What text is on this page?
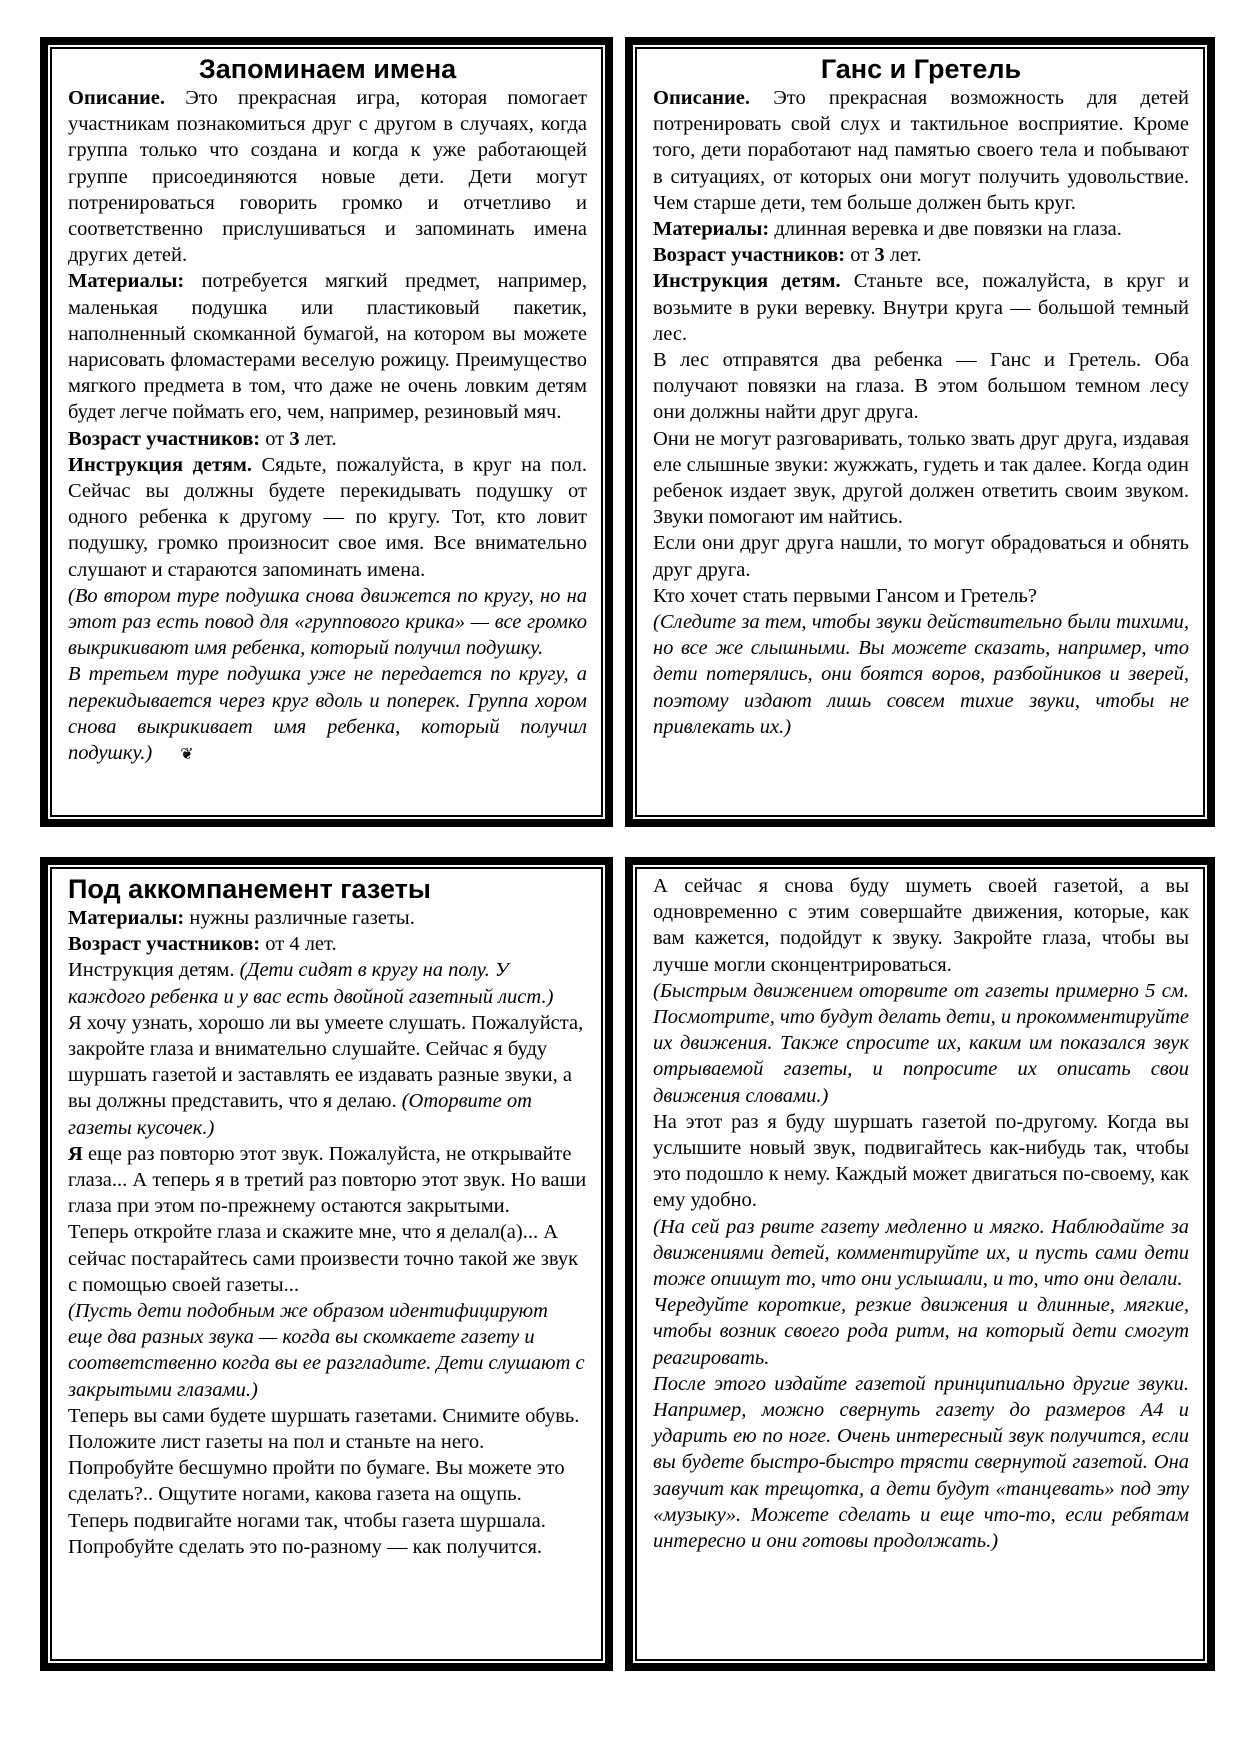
Запоминаем имена

Описание. Это прекрасная игра, которая помогает участникам познакомиться друг с другом в случаях, когда группа только что создана и когда к уже работающей группе присоединяются новые дети. Дети могут потренироваться говорить громко и отчетливо и соответственно прислушиваться и запоминать имена других детей.

Материалы: потребуется мягкий предмет, например, маленькая подушка или пластиковый пакетик, наполненный скомканной бумагой, на котором вы можете нарисовать фломастерами веселую рожицу. Преимущество мягкого предмета в том, что даже не очень ловким детям будет легче поймать его, чем, например, резиновый мяч.

Возраст участников: от 3 лет.

Инструкция детям. Сядьте, пожалуйста, в круг на пол. Сейчас вы должны будете перекидывать подушку от одного ребенка к другому — по кругу. Тот, кто ловит подушку, громко произносит свое имя. Все внимательно слушают и стараются запоминать имена.

(Во втором туре подушка снова движется по кругу, но на этот раз есть повод для «группового крика» — все громко выкрикивают имя ребенка, который получил подушку.

В третьем туре подушка уже не передается по кругу, а перекидывается через круг вдоль и поперек. Группа хором снова выкрикивает имя ребенка, который получил подушку.) ❦

Ганс и Гретель

Описание. Это прекрасная возможность для детей потренировать свой слух и тактильное восприятие. Кроме того, дети поработают над памятью своего тела и побывают в ситуациях, от которых они могут получить удовольствие. Чем старше дети, тем больше должен быть круг.

Материалы: длинная веревка и две повязки на глаза.

Возраст участников: от 3 лет.

Инструкция детям. Станьте все, пожалуйста, в круг и возьмите в руки веревку. Внутри круга — большой темный лес.

В лес отправятся два ребенка — Ганс и Гретель. Оба получают повязки на глаза. В этом большом темном лесу они должны найти друг друга.

Они не могут разговаривать, только звать друг друга, издавая еле слышные звуки: жужжать, гудеть и так далее. Когда один ребенок издает звук, другой должен ответить своим звуком. Звуки помогают им найтись.

Если они друг друга нашли, то могут обрадоваться и обнять друг друга.

Кто хочет стать первыми Гансом и Гретель?

(Следите за тем, чтобы звуки действительно были тихими, но все же слышными. Вы можете сказать, например, что дети потерялись, они боятся воров, разбойников и зверей, поэтому издают лишь совсем тихие звуки, чтобы не привлекать их.)

Под аккомпанемент газеты

Материалы: нужны различные газеты.

Возраст участников: от 4 лет.

Инструкция детям. (Дети сидят в кругу на полу. У каждого ребенка и у вас есть двойной газетный лист.)

Я хочу узнать, хорошо ли вы умеете слушать. Пожалуйста, закройте глаза и внимательно слушайте. Сейчас я буду шуршать газетой и заставлять ее издавать разные звуки, а вы должны представить, что я делаю. (Оторвите от газеты кусочек.)

Я еще раз повторю этот звук. Пожалуйста, не открывайте глаза... А теперь я в третий раз повторю этот звук. Но ваши глаза при этом по-прежнему остаются закрытыми.

Теперь откройте глаза и скажите мне, что я делал(а)... А сейчас постарайтесь сами произвести точно такой же звук с помощью своей газеты...

(Пусть дети подобным же образом идентифицируют еще два разных звука — когда вы скомкаете газету и соответственно когда вы ее разгладите. Дети слушают с закрытыми глазами.)

Теперь вы сами будете шуршать газетами. Снимите обувь. Положите лист газеты на пол и станьте на него. Попробуйте бесшумно пройти по бумаге. Вы можете это сделать?.. Ощутите ногами, какова газета на ощупь.

Теперь подвигайте ногами так, чтобы газета шуршала. Попробуйте сделать это по-разному — как получится.

А сейчас я снова буду шуметь своей газетой, а вы одновременно с этим совершайте движения, которые, как вам кажется, подойдут к звуку. Закройте глаза, чтобы вы лучше могли сконцентрироваться.

(Быстрым движением оторвите от газеты примерно 5 см. Посмотрите, что будут делать дети, и прокомментируйте их движения. Также спросите их, каким им показался звук отрываемой газеты, и попросите их описать свои движения словами.)

На этот раз я буду шуршать газетой по-другому. Когда вы услышите новый звук, подвигайтесь как-нибудь так, чтобы это подошло к нему. Каждый может двигаться по-своему, как ему удобно.

(На сей раз рвите газету медленно и мягко. Наблюдайте за движениями детей, комментируйте их, и пусть сами дети тоже опишут то, что они услышали, и то, что они делали.

Чередуйте короткие, резкие движения и длинные, мягкие, чтобы возник своего рода ритм, на который дети смогут реагировать.

После этого издайте газетой принципиально другие звуки. Например, можно свернуть газету до размеров А4 и ударить ею по ноге. Очень интересный звук получится, если вы будете быстро-быстро трясти свернутой газетой. Она завучит как трещотка, а дети будут «танцевать» под эту «музыку». Можете сделать и еще что-то, если ребятам интересно и они готовы продолжать.)
